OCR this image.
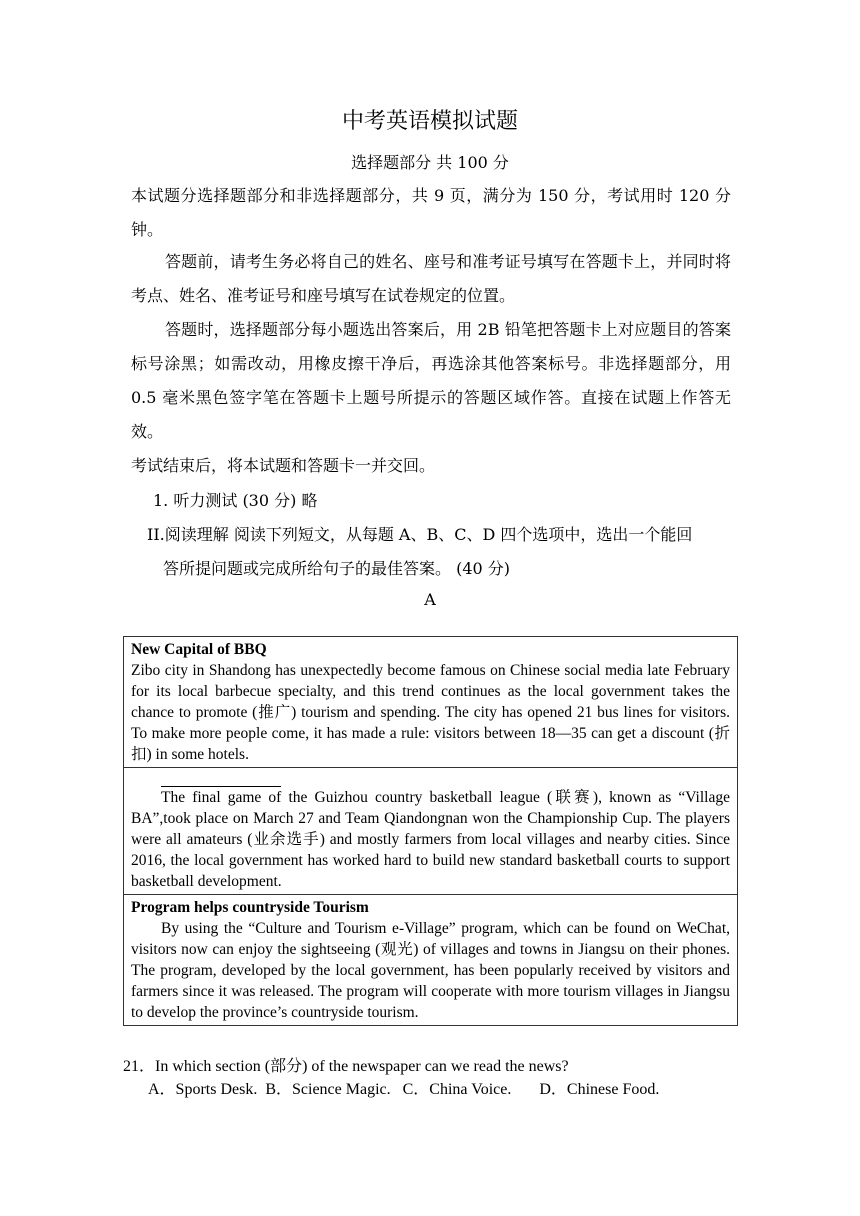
中考英语模拟试题
选择题部分 共 100 分
本试题分选择题部分和非选择题部分，共 9 页，满分为 150 分，考试用时 120 分钟。
答题前，请考生务必将自己的姓名、座号和准考证号填写在答题卡上，并同时将考点、姓名、准考证号和座号填写在试卷规定的位置。
答题时，选择题部分每小题选出答案后，用 2B 铅笔把答题卡上对应题目的答案标号涂黑；如需改动，用橡皮擦干净后，再选涂其他答案标号。非选择题部分，用 0.5 毫米黑色签字笔在答题卡上题号所提示的答题区域作答。直接在试题上作答无效。
考试结束后，将本试题和答题卡一并交回。
1. 听力测试 (30 分) 略
II.阅读理解 阅读下列短文，从每题 A、B、C、D 四个选项中，选出一个能回
答所提问题或完成所给句子的最佳答案。 (40 分)
A
New Capital of BBQ
Zibo city in Shandong has unexpectedly become famous on Chinese social media late February for its local barbecue specialty, and this trend continues as the local government takes the chance to promote (推广) tourism and spending. The city has opened 21 bus lines for visitors. To make more people come, it has made a rule: visitors between 18—35 can get a discount (折扣) in some hotels.
The final game of the Guizhou country basketball league (联赛), known as “Village BA”,took place on March 27 and Team Qiandongnan won the Championship Cup. The players were all amateurs (业余选手) and mostly farmers from local villages and nearby cities. Since 2016, the local government has worked hard to build new standard basketball courts to support basketball development.
Program helps countryside Tourism
By using the “Culture and Tourism e-Village” program, which can be found on WeChat, visitors now can enjoy the sightseeing (观光) of villages and towns in Jiangsu on their phones. The program, developed by the local government, has been popularly received by visitors and farmers since it was released. The program will cooperate with more tourism villages in Jiangsu to develop the province’s countryside tourism.
21．In which section (部分) of the newspaper can we read the news?
A．Sports Desk.  B．Science Magic.   C．China Voice.       D．Chinese Food.
